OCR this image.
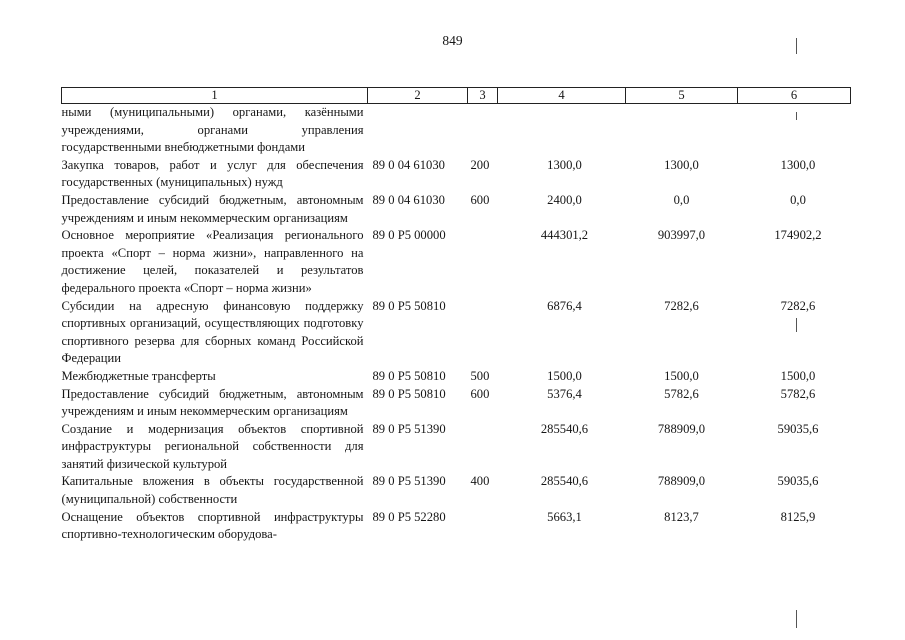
849
1	2	3	4	5	6
ными (муниципальными) органами, казёнными учреждениями, органами управления государственными внебюджетными фондами					
Закупка товаров, работ и услуг для обеспечения государственных (муниципальных) нужд	89 0 04 61030	200	1300,0	1300,0	1300,0
Предоставление субсидий бюджетным, автономным учреждениям и иным некоммерческим организациям	89 0 04 61030	600	2400,0	0,0	0,0
Основное мероприятие «Реализация регионального проекта «Спорт – норма жизни», направленного на достижение целей, показателей и результатов федерального проекта «Спорт – норма жизни»	89 0 Р5 00000		444301,2	903997,0	174902,2
Субсидии на адресную финансовую поддержку спортивных организаций, осуществляющих подготовку спортивного резерва для сборных команд Российской Федерации	89 0 Р5 50810		6876,4	7282,6	7282,6
Межбюджетные трансферты	89 0 Р5 50810	500	1500,0	1500,0	1500,0
Предоставление субсидий бюджетным, автономным учреждениям и иным некоммерческим организациям	89 0 Р5 50810	600	5376,4	5782,6	5782,6
Создание и модернизация объектов спортивной инфраструктуры региональной собственности для занятий физической культурой	89 0 Р5 51390		285540,6	788909,0	59035,6
Капитальные вложения в объекты государственной (муниципальной) собственности	89 0 Р5 51390	400	285540,6	788909,0	59035,6
Оснащение объектов спортивной инфраструктуры спортивно-технологическим оборудова-	89 0 Р5 52280		5663,1	8123,7	8125,9
